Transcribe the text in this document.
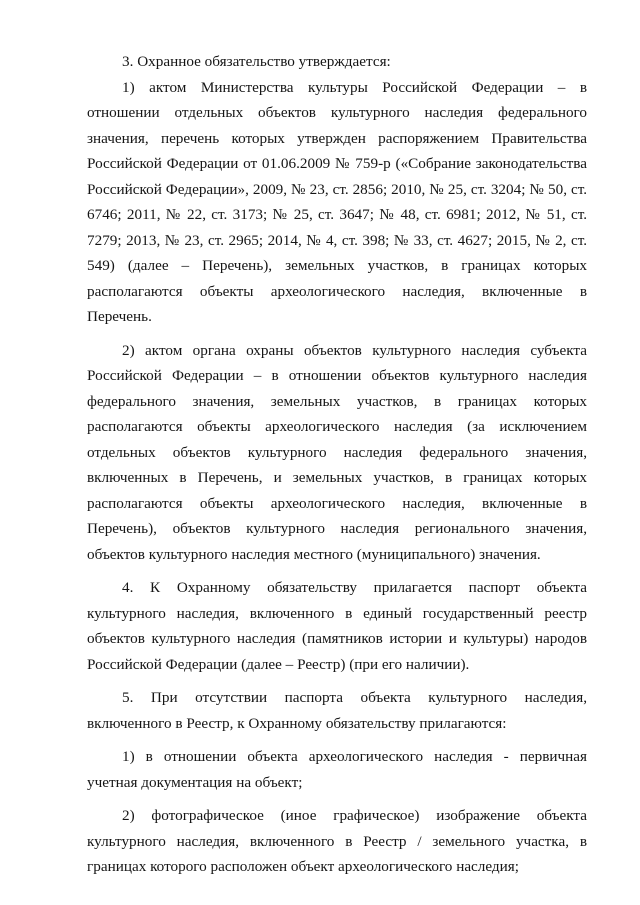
3. Охранное обязательство утверждается:

1) актом Министерства культуры Российской Федерации – в отношении отдельных объектов культурного наследия федерального значения, перечень которых утвержден распоряжением Правительства Российской Федерации от 01.06.2009 № 759-р («Собрание законодательства Российской Федерации», 2009, № 23, ст. 2856; 2010, № 25, ст. 3204; № 50, ст. 6746; 2011, № 22, ст. 3173; № 25, ст. 3647; № 48, ст. 6981; 2012, № 51, ст. 7279; 2013, № 23, ст. 2965; 2014, № 4, ст. 398; № 33, ст. 4627; 2015, № 2, ст. 549) (далее – Перечень), земельных участков, в границах которых располагаются объекты археологического наследия, включенные в Перечень.

2) актом органа охраны объектов культурного наследия субъекта Российской Федерации – в отношении объектов культурного наследия федерального значения, земельных участков, в границах которых располагаются объекты археологического наследия (за исключением отдельных объектов культурного наследия федерального значения, включенных в Перечень, и земельных участков, в границах которых располагаются объекты археологического наследия, включенные в Перечень), объектов культурного наследия регионального значения, объектов культурного наследия местного (муниципального) значения.

4. К Охранному обязательству прилагается паспорт объекта культурного наследия, включенного в единый государственный реестр объектов культурного наследия (памятников истории и культуры) народов Российской Федерации (далее – Реестр) (при его наличии).

5. При отсутствии паспорта объекта культурного наследия, включенного в Реестр, к Охранному обязательству прилагаются:

1) в отношении объекта археологического наследия - первичная учетная документация на объект;

2) фотографическое (иное графическое) изображение объекта культурного наследия, включенного в Реестр / земельного участка, в границах которого расположен объект археологического наследия;
